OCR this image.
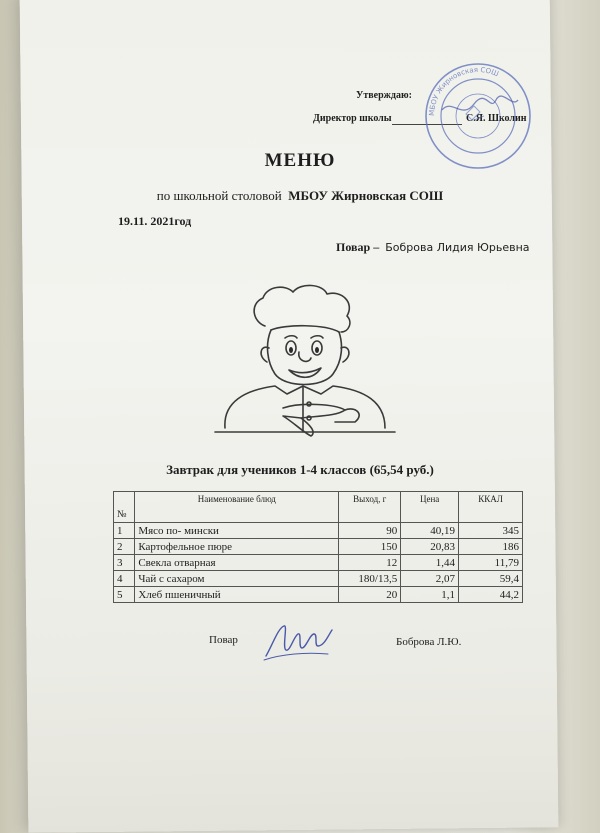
Утверждаю:
Директор школы	С.Я. Школин
МБОУ Жирновская СОШ
МЕНЮ
по школьной столовой МБОУ Жирновская СОШ
19.11. 2021год
Повар – Боброва Лидия Юрьевна
Завтрак для учеников 1-4 классов (65,54 руб.)
№	Наименование блюд	Выход, г	Цена	ККАЛ
1	Мясо по- мински	90	40,19	345
2	Картофельное пюре	150	20,83	186
3	Свекла отварная	12	1,44	11,79
4	Чай с сахаром	180/13,5	2,07	59,4
5	Хлеб пшеничный	20	1,1	44,2
Повар	Боброва Л.Ю.
